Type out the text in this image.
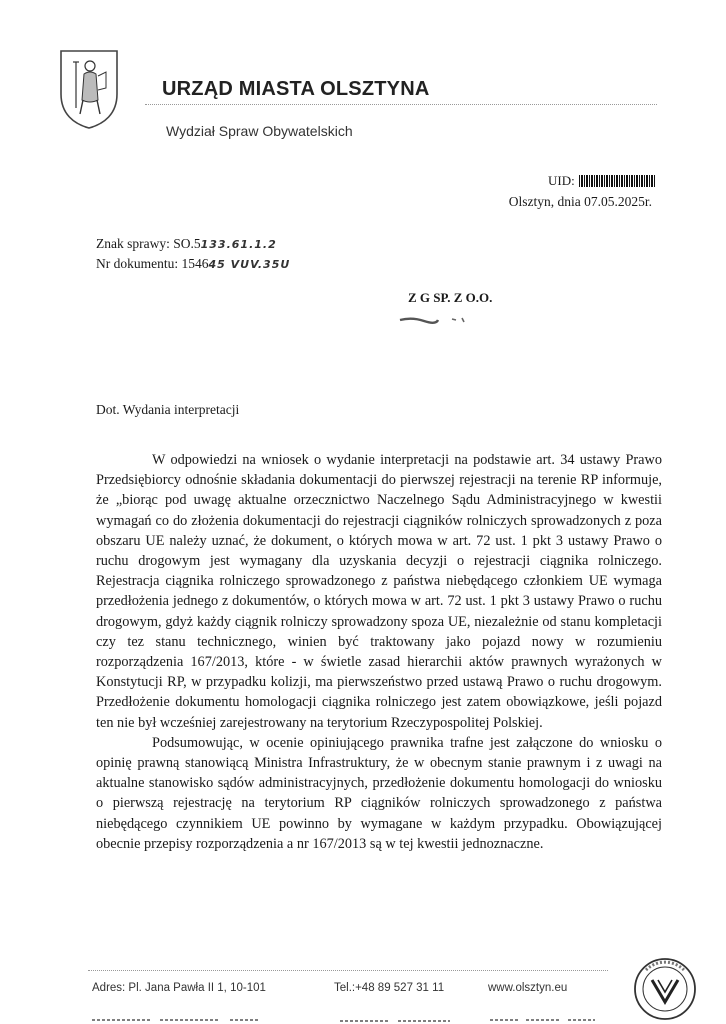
URZĄD MIASTA OLSZTYNA
Wydział Spraw Obywatelskich
UID:
Olsztyn, dnia 07.05.2025r.
Znak sprawy: SO.5133.61.1.2
Nr dokumentu: 154645 VUV.35U
Z G SP. Z O.O.
Dot. Wydania interpretacji

W odpowiedzi na wniosek o wydanie interpretacji na podstawie art. 34 ustawy Prawo Przedsiębiorcy odnośnie składania dokumentacji do pierwszej rejestracji na terenie RP informuje, że „biorąc pod uwagę aktualne orzecznictwo Naczelnego Sądu Administracyjnego w kwestii wymagań co do złożenia dokumentacji do rejestracji ciągników rolniczych sprowadzonych z poza obszaru UE należy uznać, że dokument, o których mowa w art. 72 ust. 1 pkt 3 ustawy Prawo o ruchu drogowym jest wymagany dla uzyskania decyzji o rejestracji ciągnika rolniczego. Rejestracja ciągnika rolniczego sprowadzonego z państwa niebędącego członkiem UE wymaga przedłożenia jednego z dokumentów, o których mowa w art. 72 ust. 1 pkt 3 ustawy Prawo o ruchu drogowym, gdyż każdy ciągnik rolniczy sprowadzony spoza UE, niezależnie od stanu kompletacji czy tez stanu technicznego, winien być traktowany jako pojazd nowy w rozumieniu rozporządzenia 167/2013, które - w świetle zasad hierarchii aktów prawnych wyrażonych w Konstytucji RP, w przypadku kolizji, ma pierwszeństwo przed ustawą Prawo o ruchu drogowym. Przedłożenie dokumentu homologacji ciągnika rolniczego jest zatem obowiązkowe, jeśli pojazd ten nie był wcześniej zarejestrowany na terytorium Rzeczypospolitej Polskiej.

Podsumowując, w ocenie opiniującego prawnika trafne jest załączone do wniosku o opinię prawną stanowiącą Ministra Infrastruktury, że w obecnym stanie prawnym i z uwagi na aktualne stanowisko sądów administracyjnych, przedłożenie dokumentu homologacji do wniosku o pierwszą rejestrację na terytorium RP ciągników rolniczych sprowadzonego z państwa niebędącego czynnikiem UE powinno by wymagane w każdym przypadku. Obowiązującej obecnie przepisy rozporządzenia a nr 167/2013 są w tej kwestii jednoznaczne.

Adres: Pl. Jana Pawła II 1, 10-101	Tel.:+48 89 527 31 11	www.olsztyn.eu
